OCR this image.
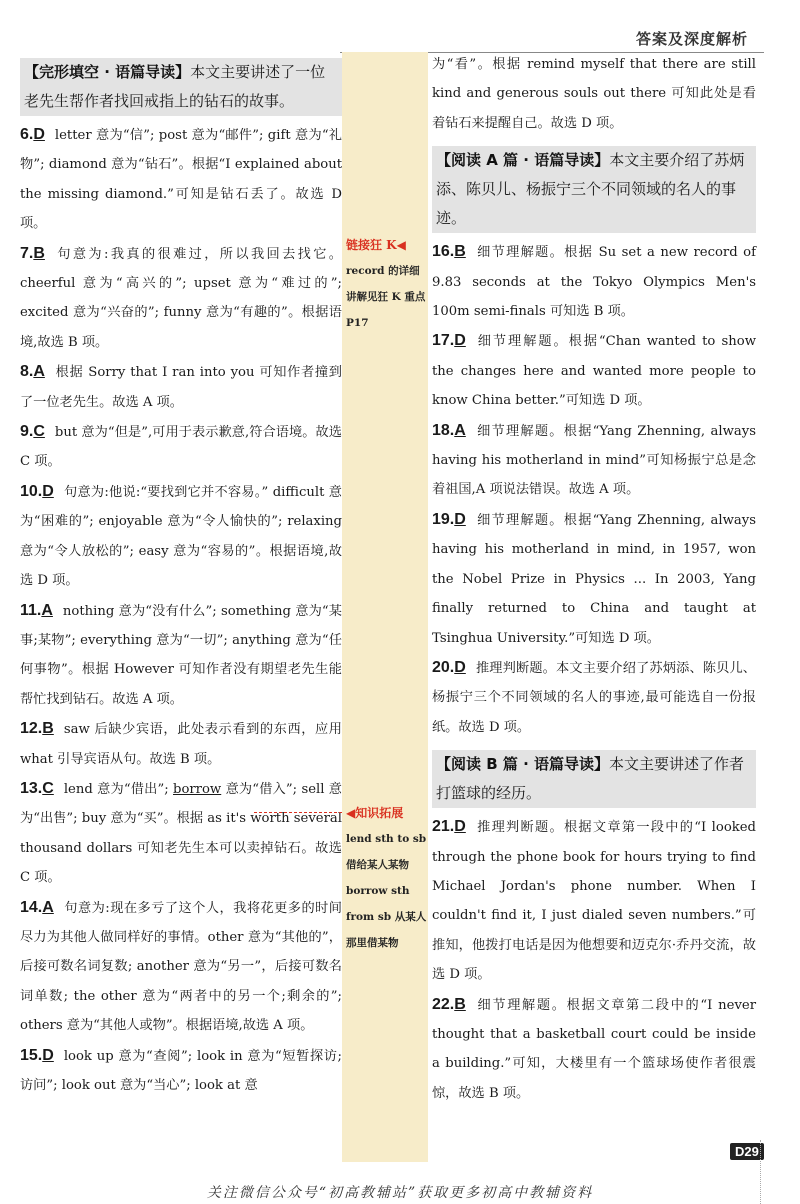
答案及深度解析
【完形填空 · 语篇导读】本文主要讲述了一位老先生帮作者找回戒指上的钻石的故事。
6.D letter 意为“信”; post 意为“邮件”; gift 意为“礼物”; diamond 意为“钻石”。根据“I explained about the missing diamond.”可知是钻石丢了。故选 D 项。
7.B 句意为:我真的很难过，所以我回去找它。cheerful 意为“高兴的”; upset 意为“难过的”; excited 意为“兴奋的”; funny 意为“有趣的”。根据语境,故选 B 项。
8.A 根据 Sorry that I ran into you 可知作者撞到了一位老先生。故选 A 项。
9.C but 意为“但是”,可用于表示歉意,符合语境。故选 C 项。
10.D 句意为:他说:“要找到它并不容易。” difficult 意为“困难的”; enjoyable 意为“令人愉快的”; relaxing 意为“令人放松的”; easy 意为“容易的”。根据语境,故选 D 项。
11.A nothing 意为“没有什么”; something 意为“某事;某物”; everything 意为“一切”; anything 意为“任何事物”。根据 However 可知作者没有期望老先生能帮忙找到钻石。故选 A 项。
12.B saw 后缺少宾语，此处表示看到的东西，应用 what 引导宾语从句。故选 B 项。
13.C lend 意为“借出”; borrow 意为“借入”; sell 意为“出售”; buy 意为“买”。根据 as it's worth several thousand dollars 可知老先生本可以卖掉钻石。故选 C 项。
14.A 句意为:现在多亏了这个人，我将花更多的时间尽力为其他人做同样好的事情。other 意为“其他的”，后接可数名词复数; another 意为“另一”，后接可数名词单数; the other 意为“两者中的另一个;剩余的”; others 意为“其他人或物”。根据语境,故选 A 项。
15.D look up 意为“查阅”; look in 意为“短暂探访;访问”; look out 意为“当心”; look at 意
链接狂 K◀
record 的详细讲解见狂 K 重点 P17
◀知识拓展
lend sth to sb 借给某人某物 borrow sth from sb 从某人那里借某物
为“看”。根据 remind myself that there are still kind and generous souls out there 可知此处是看着钻石来提醒自己。故选 D 项。
【阅读 A 篇 · 语篇导读】本文主要介绍了苏炳添、陈贝儿、杨振宁三个不同领域的名人的事迹。
16.B 细节理解题。根据 Su set a new record of 9.83 seconds at the Tokyo Olympics Men's 100m semi-finals 可知选 B 项。
17.D 细节理解题。根据“Chan wanted to show the changes here and wanted more people to know China better.”可知选 D 项。
18.A 细节理解题。根据“Yang Zhenning, always having his motherland in mind”可知杨振宁总是念着祖国,A 项说法错误。故选 A 项。
19.D 细节理解题。根据“Yang Zhenning, always having his motherland in mind, in 1957, won the Nobel Prize in Physics ... In 2003, Yang finally returned to China and taught at Tsinghua University.”可知选 D 项。
20.D 推理判断题。本文主要介绍了苏炳添、陈贝儿、杨振宁三个不同领域的名人的事迹,最可能选自一份报纸。故选 D 项。
【阅读 B 篇 · 语篇导读】本文主要讲述了作者打篮球的经历。
21.D 推理判断题。根据文章第一段中的“I looked through the phone book for hours trying to find Michael Jordan's phone number. When I couldn't find it, I just dialed seven numbers.”可推知，他拨打电话是因为他想要和迈克尔·乔丹交流，故选 D 项。
22.B 细节理解题。根据文章第二段中的“I never thought that a basketball court could be inside a building.”可知，大楼里有一个篮球场使作者很震惊，故选 B 项。
D29
关注微信公众号“初高教辅站”获取更多初高中教辅资料
